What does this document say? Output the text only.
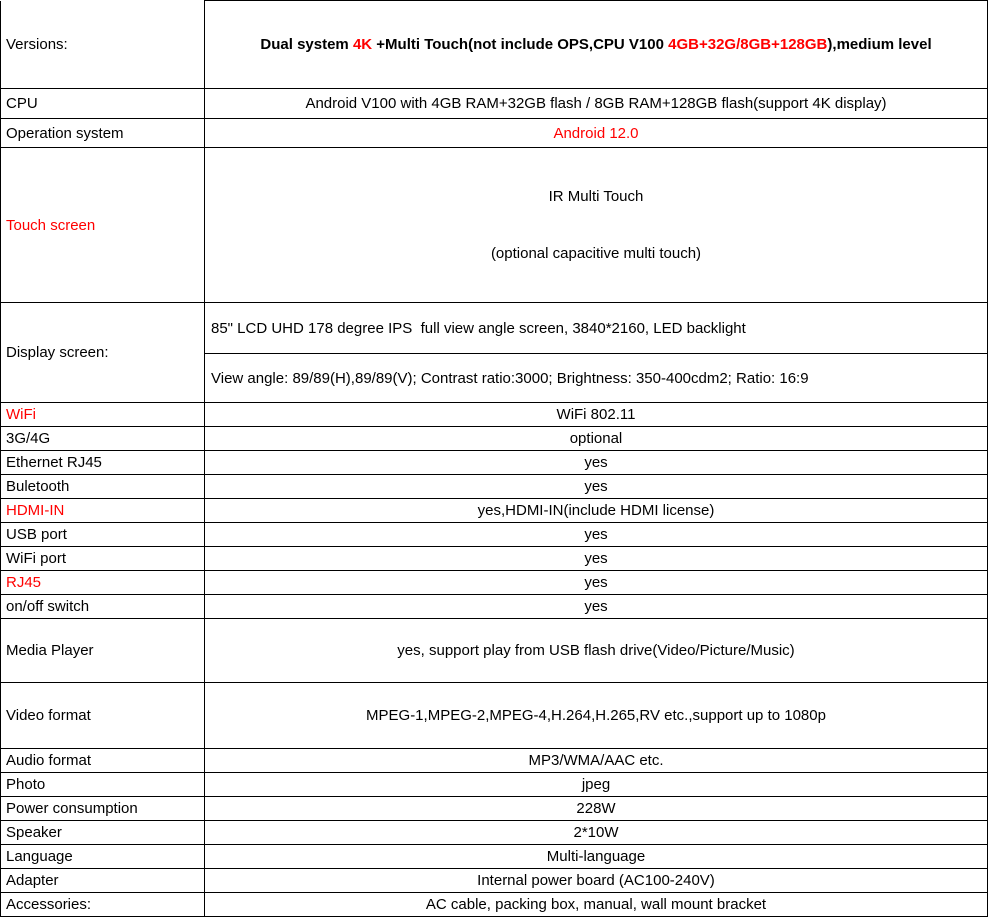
Versions:	Dual system 4K +Multi Touch(not include OPS,CPU V100 4GB+32G/8GB+128GB),medium level
CPU	Android V100 with 4GB RAM+32GB flash / 8GB RAM+128GB flash(support 4K display)
Operation system	Android 12.0
Touch screen	IR Multi Touch

(optional capacitive multi touch)

Display screen:	85" LCD UHD 178 degree IPS  full view angle screen, 3840*2160, LED backlight
	View angle: 89/89(H),89/89(V); Contrast ratio:3000; Brightness: 350-400cdm2; Ratio: 16:9
WiFi	WiFi 802.11
3G/4G	optional
Ethernet RJ45	yes
Buletooth	yes
HDMI-IN	yes,HDMI-IN(include HDMI license)
USB port	yes
WiFi port	yes
RJ45	yes
on/off switch	yes
Media Player	yes, support play from USB flash drive(Video/Picture/Music)
Video format	MPEG-1,MPEG-2,MPEG-4,H.264,H.265,RV etc.,support up to 1080p
Audio format	MP3/WMA/AAC etc.
Photo	jpeg
Power consumption	228W
Speaker	2*10W
Language	Multi-language
Adapter	Internal power board (AC100-240V)
Accessories:	AC cable, packing box, manual, wall mount bracket
